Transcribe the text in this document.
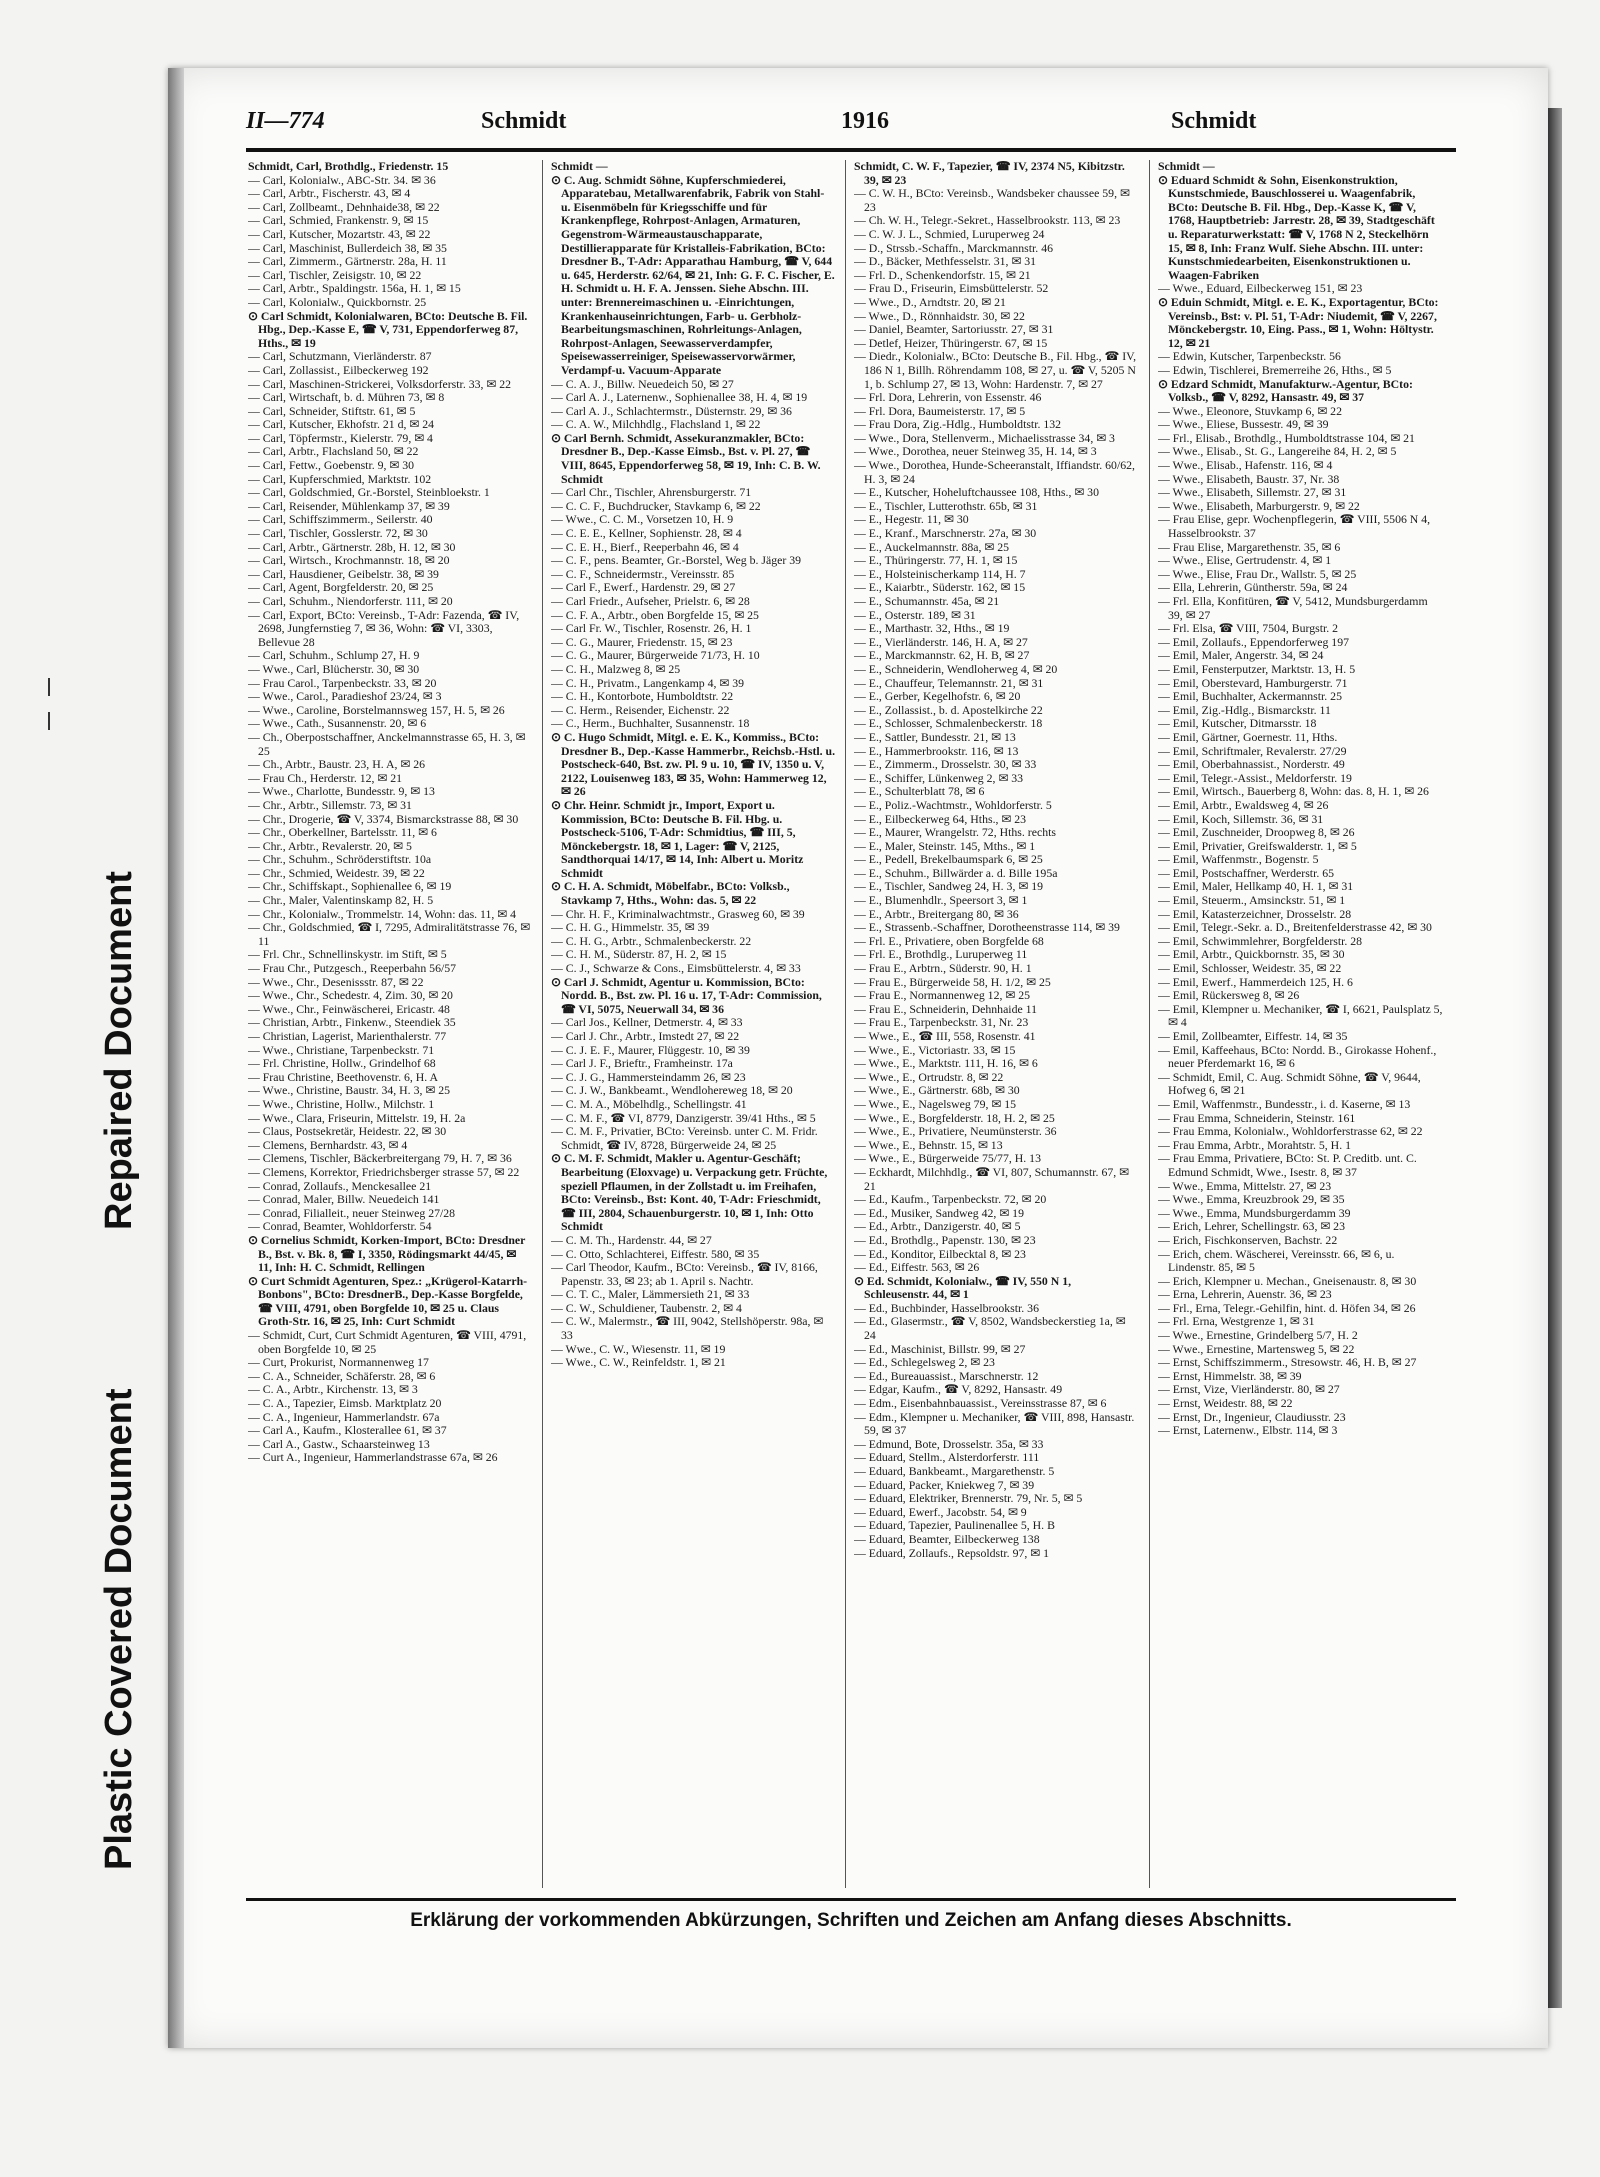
Repaired Document
Plastic Covered Document
II—774	Schmidt	1916	Schmidt

Schmidt, Carl, Brothdlg., Friedenstr. 15

— Carl, Kolonialw., ABC-Str. 34. ✉ 36

— Carl, Arbtr., Fischerstr. 43, ✉ 4

— Carl, Zollbeamt., Dehnhaide38, ✉ 22

— Carl, Schmied, Frankenstr. 9, ✉ 15

— Carl, Kutscher, Mozartstr. 43, ✉ 22

— Carl, Maschinist, Bullerdeich 38, ✉ 35

— Carl, Zimmerm., Gärtnerstr. 28a, H. 11

— Carl, Tischler, Zeisigstr. 10, ✉ 22

— Carl, Arbtr., Spaldingstr. 156a, H. 1, ✉ 15

— Carl, Kolonialw., Quickbornstr. 25

⊙ Carl Schmidt, Kolonialwaren, BCto: Deutsche B. Fil. Hbg., Dep.-Kasse E, ☎ V, 731, Eppendorferweg 87, Hths., ✉ 19

— Carl, Schutzmann, Vierländerstr. 87

— Carl, Zollassist., Eilbeckerweg 192

— Carl, Maschinen-Strickerei, Volksdorferstr. 33, ✉ 22

— Carl, Wirtschaft, b. d. Mühren 73, ✉ 8

— Carl, Schneider, Stiftstr. 61, ✉ 5

— Carl, Kutscher, Ekhofstr. 21 d, ✉ 24

— Carl, Töpfermstr., Kielerstr. 79, ✉ 4

— Carl, Arbtr., Flachsland 50, ✉ 22

— Carl, Fettw., Goebenstr. 9, ✉ 30

— Carl, Kupferschmied, Marktstr. 102

— Carl, Goldschmied, Gr.-Borstel, Steinbloekstr. 1

— Carl, Reisender, Mühlenkamp 37, ✉ 39

— Carl, Schiffszimmerm., Seilerstr. 40

— Carl, Tischler, Gosslerstr. 72, ✉ 30

— Carl, Arbtr., Gärtnerstr. 28b, H. 12, ✉ 30

— Carl, Wirtsch., Krochmannstr. 18, ✉ 20

— Carl, Hausdiener, Geibelstr. 38, ✉ 39

— Carl, Agent, Borgfelderstr. 20, ✉ 25

— Carl, Schuhm., Niendorferstr. 111, ✉ 20

— Carl, Export, BCto: Vereinsb., T-Adr: Fazenda, ☎ IV, 2698, Jungfernstieg 7, ✉ 36, Wohn: ☎ VI, 3303, Bellevue 28

— Carl, Schuhm., Schlump 27, H. 9

— Wwe., Carl, Blücherstr. 30, ✉ 30

— Frau Carol., Tarpenbeckstr. 33, ✉ 20

— Wwe., Carol., Paradieshof 23/24, ✉ 3

— Wwe., Caroline, Borstelmannsweg 157, H. 5, ✉ 26

— Wwe., Cath., Susannenstr. 20, ✉ 6

— Ch., Oberpostschaffner, Anckelmannstrasse 65, H. 3, ✉ 25

— Ch., Arbtr., Baustr. 23, H. A, ✉ 26

— Frau Ch., Herderstr. 12, ✉ 21

— Wwe., Charlotte, Bundesstr. 9, ✉ 13

— Chr., Arbtr., Sillemstr. 73, ✉ 31

— Chr., Drogerie, ☎ V, 3374, Bismarckstrasse 88, ✉ 30

— Chr., Oberkellner, Bartelsstr. 11, ✉ 6

— Chr., Arbtr., Revalerstr. 20, ✉ 5

— Chr., Schuhm., Schröderstiftstr. 10a

— Chr., Schmied, Weidestr. 39, ✉ 22

— Chr., Schiffskapt., Sophienallee 6, ✉ 19

— Chr., Maler, Valentinskamp 82, H. 5

— Chr., Kolonialw., Trommelstr. 14, Wohn: das. 11, ✉ 4

— Chr., Goldschmied, ☎ I, 7295, Admiralitätstrasse 76, ✉ 11

— Frl. Chr., Schnellinskystr. im Stift, ✉ 5

— Frau Chr., Putzgesch., Reeperbahn 56/57

— Wwe., Chr., Desenissstr. 87, ✉ 22

— Wwe., Chr., Schedestr. 4, Zim. 30, ✉ 20

— Wwe., Chr., Feinwäscherei, Ericastr. 48

— Christian, Arbtr., Finkenw., Steendiek 35

— Christian, Lagerist, Marienthalerstr. 77

— Wwe., Christiane, Tarpenbeckstr. 71

— Frl. Christine, Hollw., Grindelhof 68

— Frau Christine, Beethovenstr. 6, H. A

— Wwe., Christine, Baustr. 34, H. 3, ✉ 25

— Wwe., Christine, Hollw., Milchstr. 1

— Wwe., Clara, Friseurin, Mittelstr. 19, H. 2a

— Claus, Postsekretär, Heidestr. 22, ✉ 30

— Clemens, Bernhardstr. 43, ✉ 4

— Clemens, Tischler, Bäckerbreitergang 79, H. 7, ✉ 36

— Clemens, Korrektor, Friedrichsberger strasse 57, ✉ 22

— Conrad, Zollaufs., Menckesallee 21

— Conrad, Maler, Billw. Neuedeich 141

— Conrad, Filialleit., neuer Steinweg 27/28

— Conrad, Beamter, Wohldorferstr. 54

⊙ Cornelius Schmidt, Korken-Import, BCto: Dresdner B., Bst. v. Bk. 8, ☎ I, 3350, Rödingsmarkt 44/45, ✉ 11, Inh: H. C. Schmidt, Rellingen

⊙ Curt Schmidt Agenturen, Spez.: „Krügerol-Katarrh-Bonbons", BCto: DresdnerB., Dep.-Kasse Borgfelde, ☎ VIII, 4791, oben Borgfelde 10, ✉ 25 u. Claus Groth-Str. 16, ✉ 25, Inh: Curt Schmidt

— Schmidt, Curt, Curt Schmidt Agenturen, ☎ VIII, 4791, oben Borgfelde 10, ✉ 25

— Curt, Prokurist, Normannenweg 17

— C. A., Schneider, Schäferstr. 28, ✉ 6

— C. A., Arbtr., Kirchenstr. 13, ✉ 3

— C. A., Tapezier, Eimsb. Marktplatz 20

— C. A., Ingenieur, Hammerlandstr. 67a

— Carl A., Kaufm., Klosterallee 61, ✉ 37

— Carl A., Gastw., Schaarsteinweg 13

— Curt A., Ingenieur, Hammerlandstrasse 67a, ✉ 26

Schmidt —

⊙ C. Aug. Schmidt Söhne, Kupferschmiederei, Apparatebau, Metallwarenfabrik, Fabrik von Stahl- u. Eisenmöbeln für Kriegsschiffe und für Krankenpflege, Rohrpost-Anlagen, Armaturen, Gegenstrom-Wärmeaustauschapparate, Destillierapparate für Kristalleis-Fabrikation, BCto: Dresdner B., T-Adr: Apparathau Hamburg, ☎ V, 644 u. 645, Herderstr. 62/64, ✉ 21, Inh: G. F. C. Fischer, E. H. Schmidt u. H. F. A. Jenssen. Siehe Abschn. III. unter: Brennereimaschinen u. -Einrichtungen, Krankenhauseinrichtungen, Farb- u. Gerbholz-Bearbeitungsmaschinen, Rohrleitungs-Anlagen, Rohrpost-Anlagen, Seewasserverdampfer, Speisewasserreiniger, Speisewasservorwärmer, Verdampf-u. Vacuum-Apparate

— C. A. J., Billw. Neuedeich 50, ✉ 27

— Carl A. J., Laternenw., Sophienallee 38, H. 4, ✉ 19

— Carl A. J., Schlachtermstr., Düsternstr. 29, ✉ 36

— C. A. W., Milchhdlg., Flachsland 1, ✉ 22

⊙ Carl Bernh. Schmidt, Assekuranzmakler, BCto: Dresdner B., Dep.-Kasse Eimsb., Bst. v. Pl. 27, ☎ VIII, 8645, Eppendorferweg 58, ✉ 19, Inh: C. B. W. Schmidt

— Carl Chr., Tischler, Ahrensburgerstr. 71

— C. C. F., Buchdrucker, Stavkamp 6, ✉ 22

— Wwe., C. C. M., Vorsetzen 10, H. 9

— C. E. E., Kellner, Sophienstr. 28, ✉ 4

— C. E. H., Bierf., Reeperbahn 46, ✉ 4

— C. F., pens. Beamter, Gr.-Borstel, Weg b. Jäger 39

— C. F., Schneidermstr., Vereinsstr. 85

— Carl F., Ewerf., Hardenstr. 29, ✉ 27

— Carl Friedr., Aufseher, Prielstr. 6, ✉ 28

— C. F. A., Arbtr., oben Borgfelde 15, ✉ 25

— Carl Fr. W., Tischler, Rosenstr. 26, H. 1

— C. G., Maurer, Friedenstr. 15, ✉ 23

— C. G., Maurer, Bürgerweide 71/73, H. 10

— C. H., Malzweg 8, ✉ 25

— C. H., Privatm., Langenkamp 4, ✉ 39

— C. H., Kontorbote, Humboldtstr. 22

— C. Herm., Reisender, Eichenstr. 22

— C., Herm., Buchhalter, Susannenstr. 18

⊙ C. Hugo Schmidt, Mitgl. e. E. K., Kommiss., BCto: Dresdner B., Dep.-Kasse Hammerbr., Reichsb.-Hstl. u. Postscheck-640, Bst. zw. Pl. 9 u. 10, ☎ IV, 1350 u. V, 2122, Louisenweg 183, ✉ 35, Wohn: Hammerweg 12, ✉ 26

⊙ Chr. Heinr. Schmidt jr., Import, Export u. Kommission, BCto: Deutsche B. Fil. Hbg. u. Postscheck-5106, T-Adr: Schmidtius, ☎ III, 5, Mönckebergstr. 18, ✉ 1, Lager: ☎ V, 2125, Sandthorquai 14/17, ✉ 14, Inh: Albert u. Moritz Schmidt

⊙ C. H. A. Schmidt, Möbelfabr., BCto: Volksb., Stavkamp 7, Hths., Wohn: das. 5, ✉ 22

— Chr. H. F., Kriminalwachtmstr., Grasweg 60, ✉ 39

— C. H. G., Himmelstr. 35, ✉ 39

— C. H. G., Arbtr., Schmalenbeckerstr. 22

— C. H. M., Süderstr. 87, H. 2, ✉ 15

— C. J., Schwarze & Cons., Eimsbüttelerstr. 4, ✉ 33

⊙ Carl J. Schmidt, Agentur u. Kommission, BCto: Nordd. B., Bst. zw. Pl. 16 u. 17, T-Adr: Commission, ☎ VI, 5075, Neuerwall 34, ✉ 36

— Carl Jos., Kellner, Detmerstr. 4, ✉ 33

— Carl J. Chr., Arbtr., Imstedt 27, ✉ 22

— C. J. E. F., Maurer, Flüggestr. 10, ✉ 39

— Carl J. F., Brieftr., Framheinstr. 17a

— C. J. G., Hammersteindamm 26, ✉ 23

— C. J. W., Bankbeamt., Wendlohereweg 18, ✉ 20

— C. M. A., Möbelhdlg., Schellingstr. 41

— C. M. F., ☎ VI, 8779, Danzigerstr. 39/41 Hths., ✉ 5

— C. M. F., Privatier, BCto: Vereinsb. unter C. M. Fridr. Schmidt, ☎ IV, 8728, Bürgerweide 24, ✉ 25

⊙ C. M. F. Schmidt, Makler u. Agentur-Geschäft; Bearbeitung (Eloxvage) u. Verpackung getr. Früchte, speziell Pflaumen, in der Zollstadt u. im Freihafen, BCto: Vereinsb., Bst: Kont. 40, T-Adr: Frieschmidt, ☎ III, 2804, Schauenburgerstr. 10, ✉ 1, Inh: Otto Schmidt

— C. M. Th., Hardenstr. 44, ✉ 27

— C. Otto, Schlachterei, Eiffestr. 580, ✉ 35

— Carl Theodor, Kaufm., BCto: Vereinsb., ☎ IV, 8166, Papenstr. 33, ✉ 23; ab 1. April s. Nachtr.

— C. T. C., Maler, Lämmersieth 21, ✉ 33

— C. W., Schuldiener, Taubenstr. 2, ✉ 4

— C. W., Malermstr., ☎ III, 9042, Stellshöperstr. 98a, ✉ 33

— Wwe., C. W., Wiesenstr. 11, ✉ 19

— Wwe., C. W., Reinfeldstr. 1, ✉ 21

Schmidt, C. W. F., Tapezier, ☎ IV, 2374 N5, Kibitzstr. 39, ✉ 23

— C. W. H., BCto: Vereinsb., Wandsbeker chaussee 59, ✉ 23

— Ch. W. H., Telegr.-Sekret., Hasselbrookstr. 113, ✉ 23

— C. W. J. L., Schmied, Luruperweg 24

— D., Strssb.-Schaffn., Marckmannstr. 46

— D., Bäcker, Methfesselstr. 31, ✉ 31

— Frl. D., Schenkendorfstr. 15, ✉ 21

— Frau D., Friseurin, Eimsbüttelerstr. 52

— Wwe., D., Arndtstr. 20, ✉ 21

— Wwe., D., Rönnhaidstr. 30, ✉ 22

— Daniel, Beamter, Sartoriusstr. 27, ✉ 31

— Detlef, Heizer, Thüringerstr. 67, ✉ 15

— Diedr., Kolonialw., BCto: Deutsche B., Fil. Hbg., ☎ IV, 186 N 1, Billh. Röhrendamm 108, ✉ 27, u. ☎ V, 5205 N 1, b. Schlump 27, ✉ 13, Wohn: Hardenstr. 7, ✉ 27

— Frl. Dora, Lehrerin, von Essenstr. 46

— Frl. Dora, Baumeisterstr. 17, ✉ 5

— Frau Dora, Zig.-Hdlg., Humboldtstr. 132

— Wwe., Dora, Stellenverm., Michaelisstrasse 34, ✉ 3

— Wwe., Dorothea, neuer Steinweg 35, H. 14, ✉ 3

— Wwe., Dorothea, Hunde-Scheeranstalt, Iffiandstr. 60/62, H. 3, ✉ 24

— E., Kutscher, Hoheluftchaussee 108, Hths., ✉ 30

— E., Tischler, Lutterothstr. 65b, ✉ 31

— E., Hegestr. 11, ✉ 30

— E., Kranf., Marschnerstr. 27a, ✉ 30

— E., Auckelmannstr. 88a, ✉ 25

— E., Thüringerstr. 77, H. 1, ✉ 15

— E., Holsteinischerkamp 114, H. 7

— E., Kaiarbtr., Süderstr. 162, ✉ 15

— E., Schumannstr. 45a, ✉ 21

— E., Osterstr. 189, ✉ 31

— E., Marthastr. 32, Hths., ✉ 19

— E., Vierländerstr. 146, H. A, ✉ 27

— E., Marckmannstr. 62, H. B, ✉ 27

— E., Schneiderin, Wendloherweg 4, ✉ 20

— E., Chauffeur, Telemannstr. 21, ✉ 31

— E., Gerber, Kegelhofstr. 6, ✉ 20

— E., Zollassist., b. d. Apostelkirche 22

— E., Schlosser, Schmalenbeckerstr. 18

— E., Sattler, Bundesstr. 21, ✉ 13

— E., Hammerbrookstr. 116, ✉ 13

— E., Zimmerm., Drosselstr. 30, ✉ 33

— E., Schiffer, Lünkenweg 2, ✉ 33

— E., Schulterblatt 78, ✉ 6

— E., Poliz.-Wachtmstr., Wohldorferstr. 5

— E., Eilbeckerweg 64, Hths., ✉ 23

— E., Maurer, Wrangelstr. 72, Hths. rechts

— E., Maler, Steinstr. 145, Mths., ✉ 1

— E., Pedell, Brekelbaumspark 6, ✉ 25

— E., Schuhm., Billwärder a. d. Bille 195a

— E., Tischler, Sandweg 24, H. 3, ✉ 19

— E., Blumenhdlr., Speersort 3, ✉ 1

— E., Arbtr., Breitergang 80, ✉ 36

— E., Strassenb.-Schaffner, Dorotheenstrasse 114, ✉ 39

— Frl. E., Privatiere, oben Borgfelde 68

— Frl. E., Brothdlg., Luruperweg 11

— Frau E., Arbtrn., Süderstr. 90, H. 1

— Frau E., Bürgerweide 58, H. 1/2, ✉ 25

— Frau E., Normannenweg 12, ✉ 25

— Frau E., Schneiderin, Dehnhaide 11

— Frau E., Tarpenbeckstr. 31, Nr. 23

— Wwe., E., ☎ III, 558, Rosenstr. 41

— Wwe., E., Victoriastr. 33, ✉ 15

— Wwe., E., Marktstr. 111, H. 16, ✉ 6

— Wwe., E., Ortrudstr. 8, ✉ 22

— Wwe., E., Gärtnerstr. 68b, ✉ 30

— Wwe., E., Nagelsweg 79, ✉ 15

— Wwe., E., Borgfelderstr. 18, H. 2, ✉ 25

— Wwe., E., Privatiere, Neumünsterstr. 36

— Wwe., E., Behnstr. 15, ✉ 13

— Wwe., E., Bürgerweide 75/77, H. 13

— Eckhardt, Milchhdlg., ☎ VI, 807, Schumannstr. 67, ✉ 21

— Ed., Kaufm., Tarpenbeckstr. 72, ✉ 20

— Ed., Musiker, Sandweg 42, ✉ 19

— Ed., Arbtr., Danzigerstr. 40, ✉ 5

— Ed., Brothdlg., Papenstr. 130, ✉ 23

— Ed., Konditor, Eilbecktal 8, ✉ 23

— Ed., Eiffestr. 563, ✉ 26

⊙ Ed. Schmidt, Kolonialw., ☎ IV, 550 N 1, Schleusenstr. 44, ✉ 1

— Ed., Buchbinder, Hasselbrookstr. 36

— Ed., Glasermstr., ☎ V, 8502, Wandsbeckerstieg 1a, ✉ 24

— Ed., Maschinist, Billstr. 99, ✉ 27

— Ed., Schlegelsweg 2, ✉ 23

— Ed., Bureauassist., Marschnerstr. 12

— Edgar, Kaufm., ☎ V, 8292, Hansastr. 49

— Edm., Eisenbahnbauassist., Vereinsstrasse 87, ✉ 6

— Edm., Klempner u. Mechaniker, ☎ VIII, 898, Hansastr. 59, ✉ 37

— Edmund, Bote, Drosselstr. 35a, ✉ 33

— Eduard, Stellm., Alsterdorferstr. 111

— Eduard, Bankbeamt., Margarethenstr. 5

— Eduard, Packer, Kniekweg 7, ✉ 39

— Eduard, Elektriker, Brennerstr. 79, Nr. 5, ✉ 5

— Eduard, Ewerf., Jacobstr. 54, ✉ 9

— Eduard, Tapezier, Paulinenallee 5, H. B

— Eduard, Beamter, Eilbeckerweg 138

— Eduard, Zollaufs., Repsoldstr. 97, ✉ 1

Schmidt —

⊙ Eduard Schmidt & Sohn, Eisenkonstruktion, Kunstschmiede, Bauschlosserei u. Waagenfabrik, BCto: Deutsche B. Fil. Hbg., Dep.-Kasse K, ☎ V, 1768, Hauptbetrieb: Jarrestr. 28, ✉ 39, Stadtgeschäft u. Reparaturwerkstatt: ☎ V, 1768 N 2, Steckelhörn 15, ✉ 8, Inh: Franz Wulf. Siehe Abschn. III. unter: Kunstschmiedearbeiten, Eisenkonstruktionen u. Waagen-Fabriken

— Wwe., Eduard, Eilbeckerweg 151, ✉ 23

⊙ Eduin Schmidt, Mitgl. e. E. K., Exportagentur, BCto: Vereinsb., Bst: v. Pl. 51, T-Adr: Niudemit, ☎ V, 2267, Mönckebergstr. 10, Eing. Pass., ✉ 1, Wohn: Höltystr. 12, ✉ 21

— Edwin, Kutscher, Tarpenbeckstr. 56

— Edwin, Tischlerei, Bremerreihe 26, Hths., ✉ 5

⊙ Edzard Schmidt, Manufakturw.-Agentur, BCto: Volksb., ☎ V, 8292, Hansastr. 49, ✉ 37

— Wwe., Eleonore, Stuvkamp 6, ✉ 22

— Wwe., Eliese, Bussestr. 49, ✉ 39

— Frl., Elisab., Brothdlg., Humboldtstrasse 104, ✉ 21

— Wwe., Elisab., St. G., Langereihe 84, H. 2, ✉ 5

— Wwe., Elisab., Hafenstr. 116, ✉ 4

— Wwe., Elisabeth, Baustr. 37, Nr. 38

— Wwe., Elisabeth, Sillemstr. 27, ✉ 31

— Wwe., Elisabeth, Marburgerstr. 9, ✉ 22

— Frau Elise, gepr. Wochenpflegerin, ☎ VIII, 5506 N 4, Hasselbrookstr. 37

— Frau Elise, Margarethenstr. 35, ✉ 6

— Wwe., Elise, Gertrudenstr. 4, ✉ 1

— Wwe., Elise, Frau Dr., Wallstr. 5, ✉ 25

— Ella, Lehrerin, Güntherstr. 59a, ✉ 24

— Frl. Ella, Konfitüren, ☎ V, 5412, Mundsburgerdamm 39, ✉ 27

— Frl. Elsa, ☎ VIII, 7504, Burgstr. 2

— Emil, Zollaufs., Eppendorferweg 197

— Emil, Maler, Angerstr. 34, ✉ 24

— Emil, Fensterputzer, Marktstr. 13, H. 5

— Emil, Oberstevard, Hamburgerstr. 71

— Emil, Buchhalter, Ackermannstr. 25

— Emil, Zig.-Hdlg., Bismarckstr. 11

— Emil, Kutscher, Ditmarsstr. 18

— Emil, Gärtner, Goernestr. 11, Hths.

— Emil, Schriftmaler, Revalerstr. 27/29

— Emil, Oberbahnassist., Norderstr. 49

— Emil, Telegr.-Assist., Meldorferstr. 19

— Emil, Wirtsch., Bauerberg 8, Wohn: das. 8, H. 1, ✉ 26

— Emil, Arbtr., Ewaldsweg 4, ✉ 26

— Emil, Koch, Sillemstr. 36, ✉ 31

— Emil, Zuschneider, Droopweg 8, ✉ 26

— Emil, Privatier, Greifswalderstr. 1, ✉ 5

— Emil, Waffenmstr., Bogenstr. 5

— Emil, Postschaffner, Werderstr. 65

— Emil, Maler, Hellkamp 40, H. 1, ✉ 31

— Emil, Steuerm., Amsinckstr. 51, ✉ 1

— Emil, Katasterzeichner, Drosselstr. 28

— Emil, Telegr.-Sekr. a. D., Breitenfelderstrasse 42, ✉ 30

— Emil, Schwimmlehrer, Borgfelderstr. 28

— Emil, Arbtr., Quickbornstr. 35, ✉ 30

— Emil, Schlosser, Weidestr. 35, ✉ 22

— Emil, Ewerf., Hammerdeich 125, H. 6

— Emil, Rückersweg 8, ✉ 26

— Emil, Klempner u. Mechaniker, ☎ I, 6621, Paulsplatz 5, ✉ 4

— Emil, Zollbeamter, Eiffestr. 14, ✉ 35

— Emil, Kaffeehaus, BCto: Nordd. B., Girokasse Hohenf., neuer Pferdemarkt 16, ✉ 6

— Schmidt, Emil, C. Aug. Schmidt Söhne, ☎ V, 9644, Hofweg 6, ✉ 21

— Emil, Waffenmstr., Bundesstr., i. d. Kaserne, ✉ 13

— Frau Emma, Schneiderin, Steinstr. 161

— Frau Emma, Kolonialw., Wohldorferstrasse 62, ✉ 22

— Frau Emma, Arbtr., Morahtstr. 5, H. 1

— Frau Emma, Privatiere, BCto: St. P. Creditb. unt. C. Edmund Schmidt, Wwe., Isestr. 8, ✉ 37

— Wwe., Emma, Mittelstr. 27, ✉ 23

— Wwe., Emma, Kreuzbrook 29, ✉ 35

— Wwe., Emma, Mundsburgerdamm 39

— Erich, Lehrer, Schellingstr. 63, ✉ 23

— Erich, Fischkonserven, Bachstr. 22

— Erich, chem. Wäscherei, Vereinsstr. 66, ✉ 6, u. Lindenstr. 85, ✉ 5

— Erich, Klempner u. Mechan., Gneisenaustr. 8, ✉ 30

— Erna, Lehrerin, Auenstr. 36, ✉ 23

— Frl., Erna, Telegr.-Gehilfin, hint. d. Höfen 34, ✉ 26

— Frl. Erna, Westgrenze 1, ✉ 31

— Wwe., Ernestine, Grindelberg 5/7, H. 2

— Wwe., Ernestine, Martensweg 5, ✉ 22

— Ernst, Schiffszimmerm., Stresowstr. 46, H. B, ✉ 27

— Ernst, Himmelstr. 38, ✉ 39

— Ernst, Vize, Vierländerstr. 80, ✉ 27

— Ernst, Weidestr. 88, ✉ 22

— Ernst, Dr., Ingenieur, Claudiusstr. 23

— Ernst, Laternenw., Elbstr. 114, ✉ 3

Erklärung der vorkommenden Abkürzungen, Schriften und Zeichen am Anfang dieses Abschnitts.
